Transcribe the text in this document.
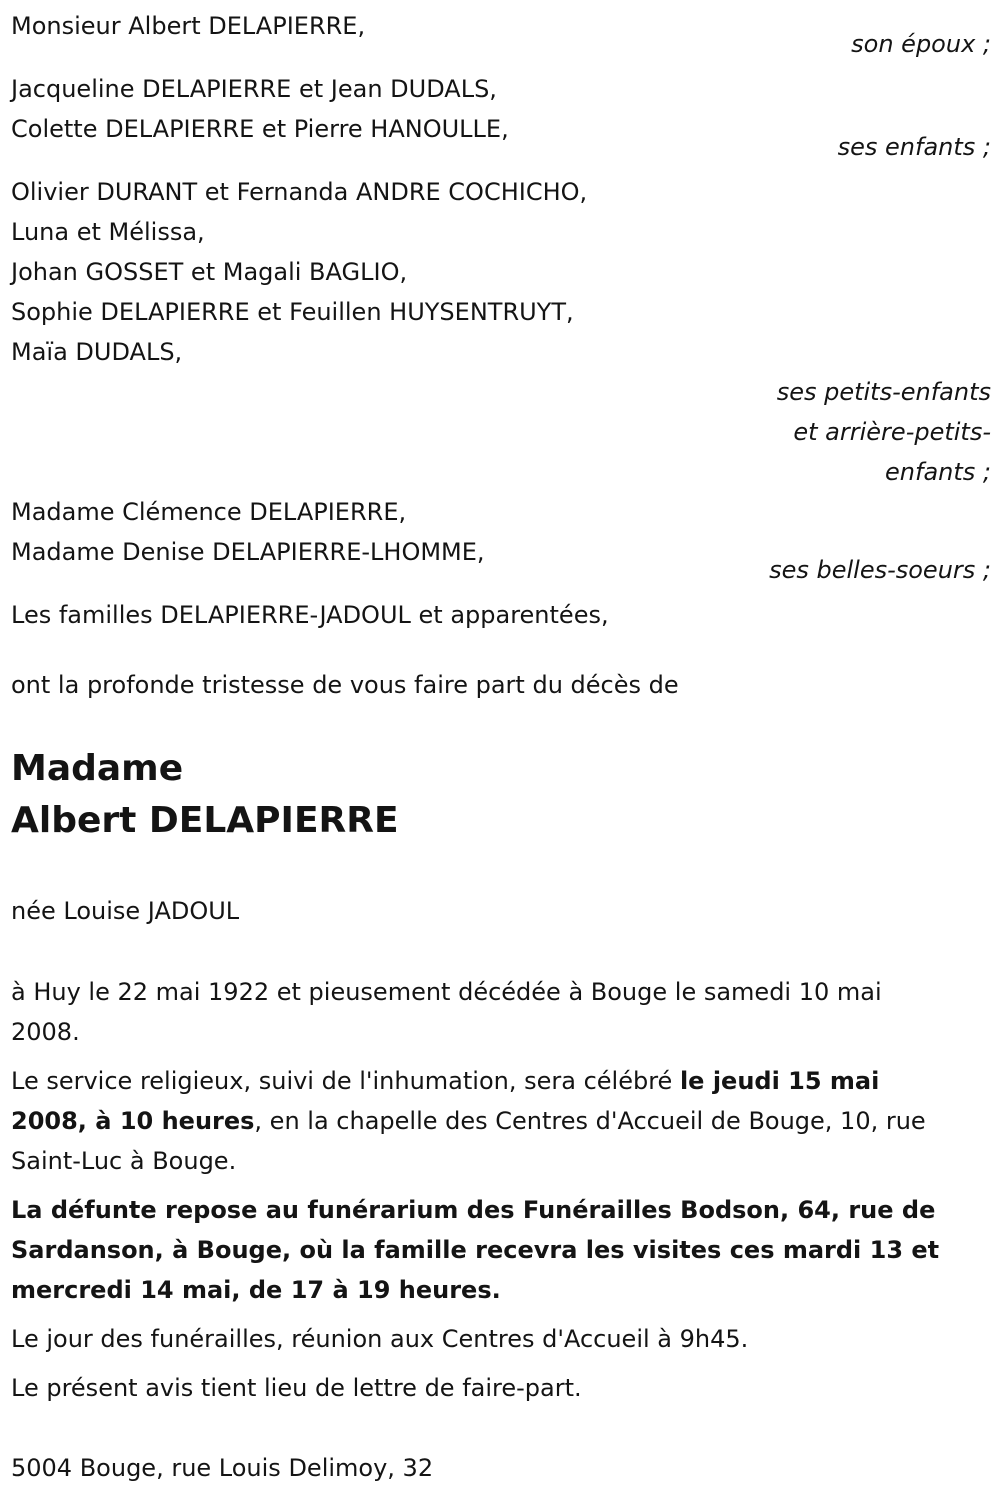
Monsieur Albert DELAPIERRE,
son époux ;
Jacqueline DELAPIERRE et Jean DUDALS,
Colette DELAPIERRE et Pierre HANOULLE,
ses enfants ;
Olivier DURANT et Fernanda ANDRE COCHICHO,
Luna et Mélissa,
Johan GOSSET et Magali BAGLIO,
Sophie DELAPIERRE et Feuillen HUYSENTRUYT,
Maïa DUDALS,
ses petits-enfants
et arrière-petits-
enfants ;
Madame Clémence DELAPIERRE,
Madame Denise DELAPIERRE-LHOMME,
ses belles-soeurs ;
Les familles DELAPIERRE-JADOUL et apparentées,
ont la profonde tristesse de vous faire part du décès de
Madame
Albert DELAPIERRE
née Louise JADOUL
à Huy le 22 mai 1922 et pieusement décédée à Bouge le samedi 10 mai
2008.
Le service religieux, suivi de l'inhumation, sera célébré le jeudi 15 mai
2008, à 10 heures, en la chapelle des Centres d'Accueil de Bouge, 10, rue
Saint-Luc à Bouge.
La défunte repose au funérarium des Funérailles Bodson, 64, rue de
Sardanson, à Bouge, où la famille recevra les visites ces mardi 13 et
mercredi 14 mai, de 17 à 19 heures.
Le jour des funérailles, réunion aux Centres d'Accueil à 9h45.
Le présent avis tient lieu de lettre de faire-part.
5004 Bouge, rue Louis Delimoy, 32
